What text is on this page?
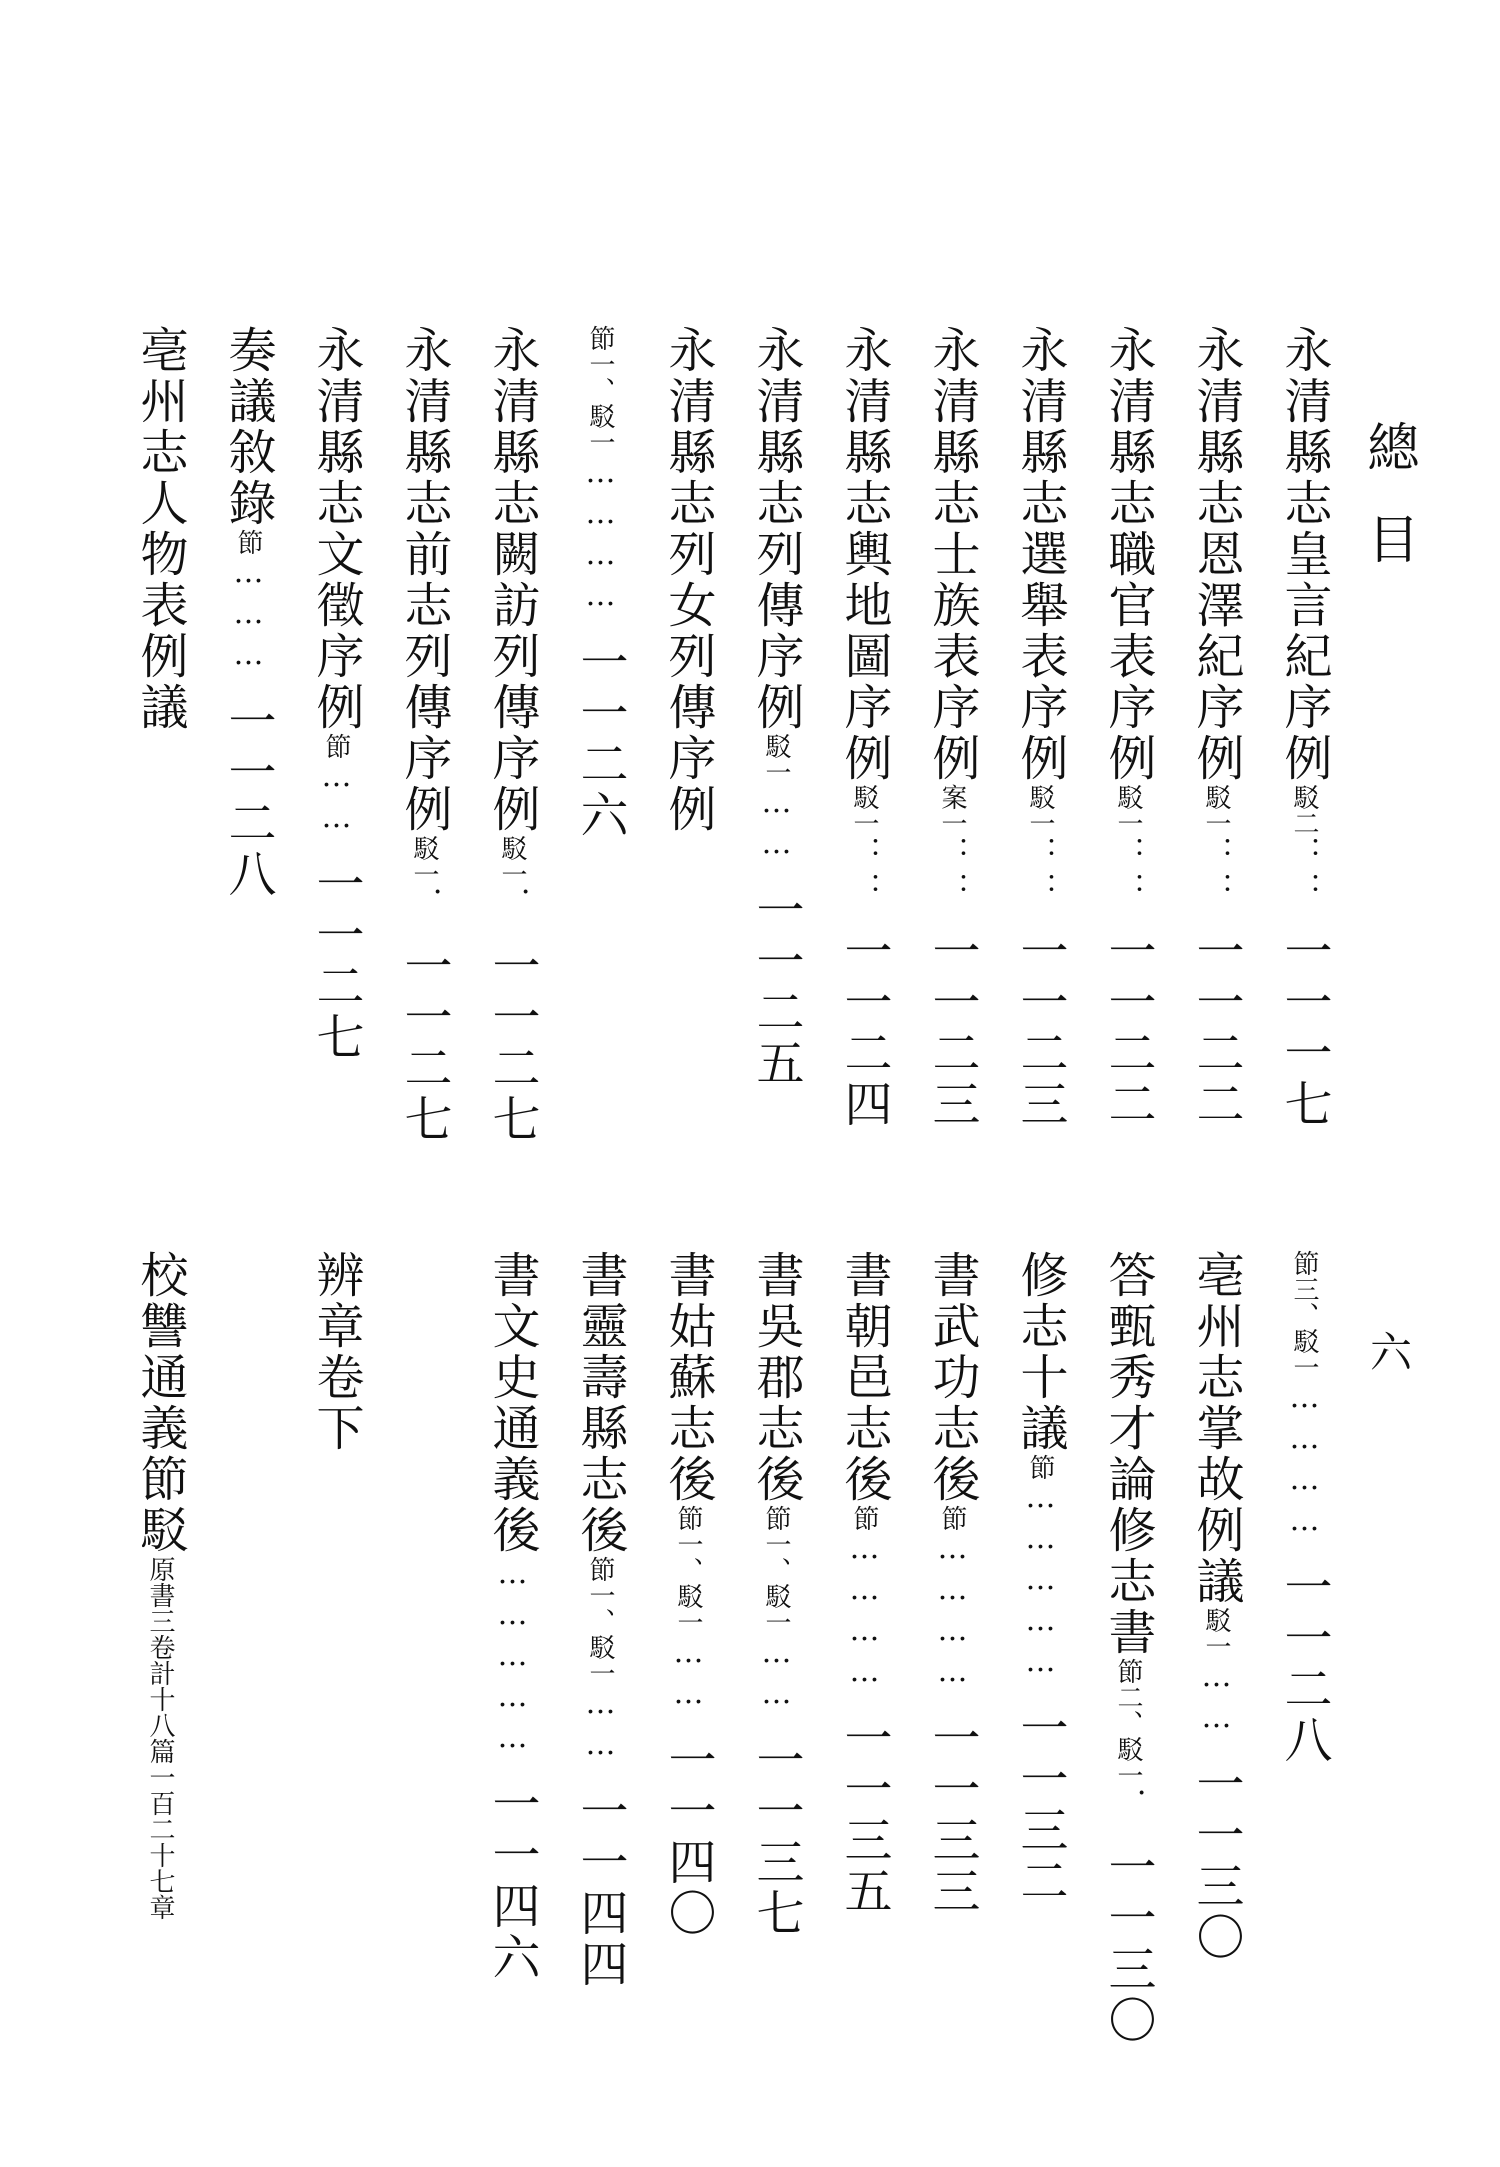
總目
六
永清縣志皇言紀序例駁二：：一一一七
永清縣志恩澤紀序例駁一：：一一二二
永清縣志職官表序例駁一：：一一二二
永清縣志選舉表序例駁一：：一一二三
永清縣志士族表序例案一：：一一二三
永清縣志輿地圖序例駁一：：一一二四
永清縣志列傳序例駁一……一一二五
永清縣志列女列傳序例
節一、駁一…………一一二六
永清縣志闕訪列傳序例駁一．一一二七
永清縣志前志列傳序例駁一．一一二七
永清縣志文徵序例節……一一二七
奏議敘錄節………一一二八
亳州志人物表例議
節三、駁一…………一一二八
亳州志掌故例議駁一……一一三〇
答甄秀才論修志書節二、駁一．一一三〇
修志十議節……………一一三二
書武功志後節…………一一三三
書朝邑志後節…………一一三五
書吳郡志後節一、駁一……一一三七
書姑蘇志後節一、駁一……一一四〇
書靈壽縣志後節一、駁一……一一四四
書文史通義後……………一一四六
辨章卷下
校讐通義節駁原書三卷計十八篇一百二十七章
